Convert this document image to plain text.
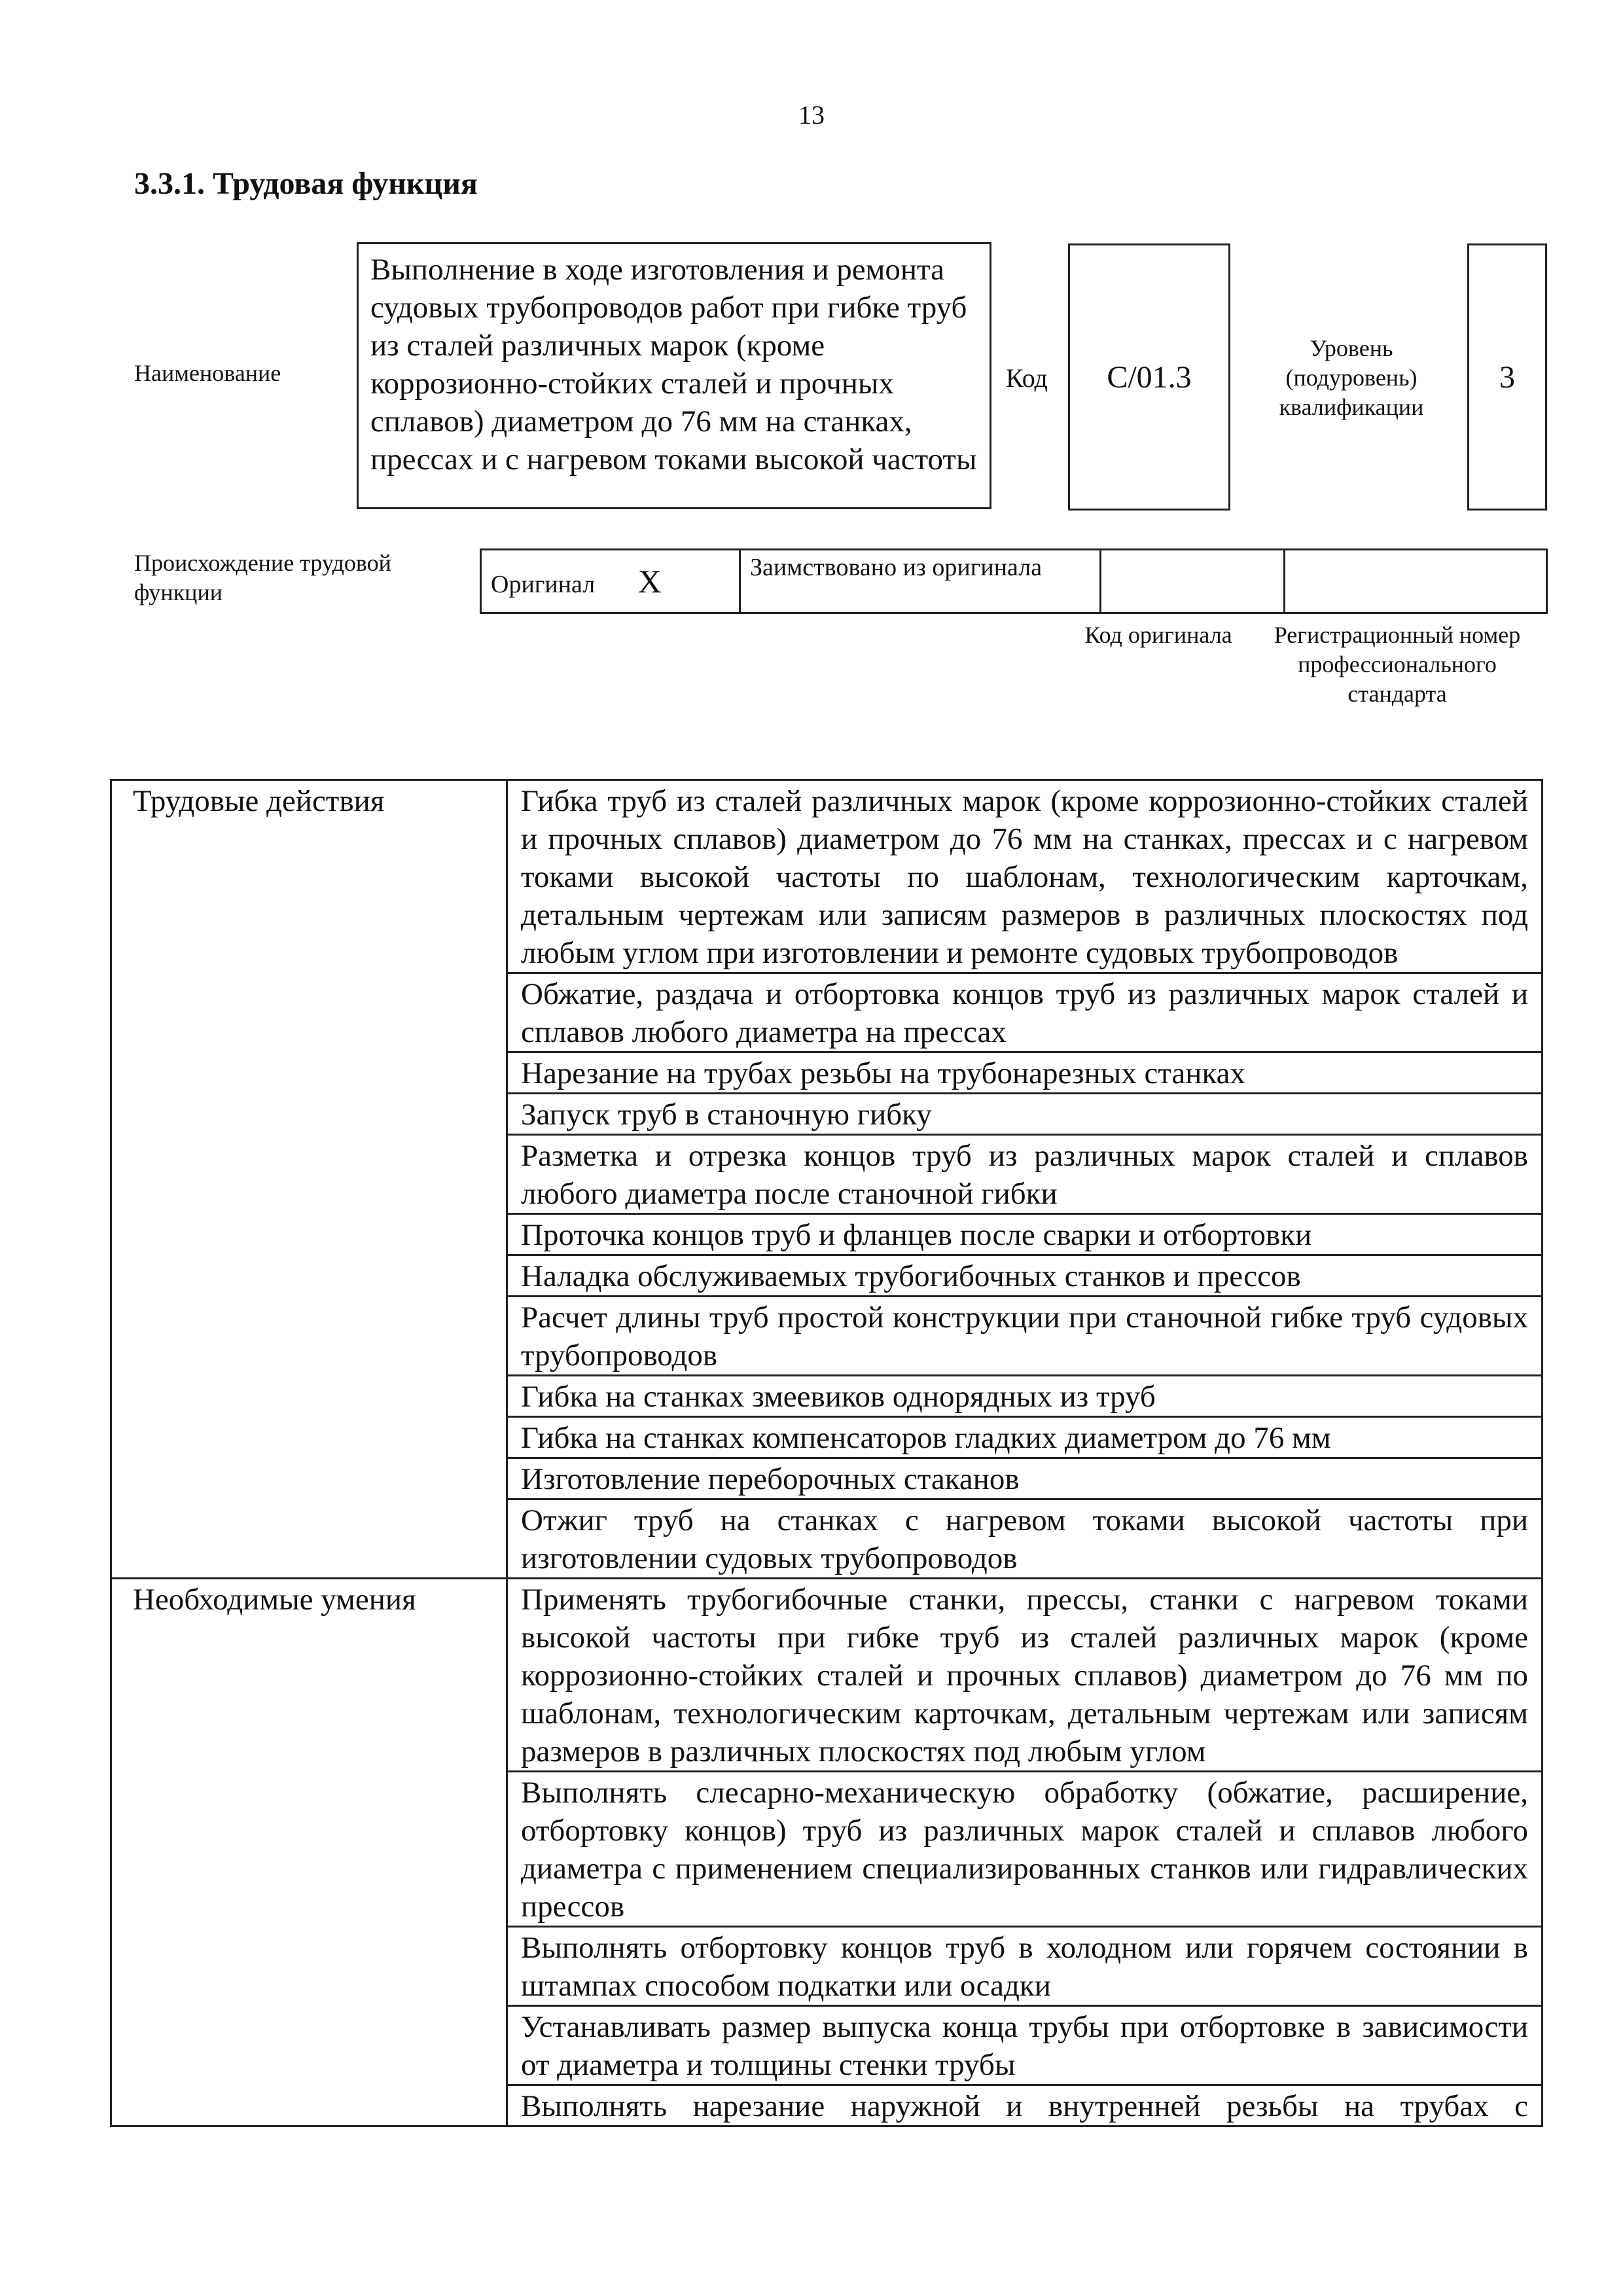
13
3.3.1. Трудовая функция
Наименование
Выполнение в ходе изготовления и ремонта судовых трубопроводов работ при гибке труб из сталей различных марок (кроме коррозионно-стойких сталей и прочных сплавов) диаметром до 76 мм на станках, прессах и с нагревом токами высокой частоты
Код	C/01.3
Уровень (подуровень) квалификации
3
Происхождение трудовой функции	Оригинал X	Заимствовано из оригинала		
Код оригинала	Регистрационный номер профессионального стандарта
Трудовые действия	Гибка труб из сталей различных марок (кроме коррозионно-стойких сталей и прочных сплавов) диаметром до 76 мм на станках, прессах и с нагревом токами высокой частоты по шаблонам, технологическим карточкам, детальным чертежам или записям размеров в различных плоскостях под любым углом при изготовлении и ремонте судовых трубопроводов
	Обжатие, раздача и отбортовка концов труб из различных марок сталей и сплавов любого диаметра на прессах
	Нарезание на трубах резьбы на трубонарезных станках
	Запуск труб в станочную гибку
	Разметка и отрезка концов труб из различных марок сталей и сплавов любого диаметра после станочной гибки
	Проточка концов труб и фланцев после сварки и отбортовки
	Наладка обслуживаемых трубогибочных станков и прессов
	Расчет длины труб простой конструкции при станочной гибке труб судовых трубопроводов
	Гибка на станках змеевиков однорядных из труб
	Гибка на станках компенсаторов гладких диаметром до 76 мм
	Изготовление переборочных стаканов
	Отжиг труб на станках с нагревом токами высокой частоты при изготовлении судовых трубопроводов
Необходимые умения	Применять трубогибочные станки, прессы, станки с нагревом токами высокой частоты при гибке труб из сталей различных марок (кроме коррозионно-стойких сталей и прочных сплавов) диаметром до 76 мм по шаблонам, технологическим карточкам, детальным чертежам или записям размеров в различных плоскостях под любым углом
	Выполнять слесарно-механическую обработку (обжатие, расширение, отбортовку концов) труб из различных марок сталей и сплавов любого диаметра с применением специализированных станков или гидравлических прессов
	Выполнять отбортовку концов труб в холодном или горячем состоянии в штампах способом подкатки или осадки
	Устанавливать размер выпуска конца трубы при отбортовке в зависимости от диаметра и толщины стенки трубы
	Выполнять нарезание наружной и внутренней резьбы на трубах с
